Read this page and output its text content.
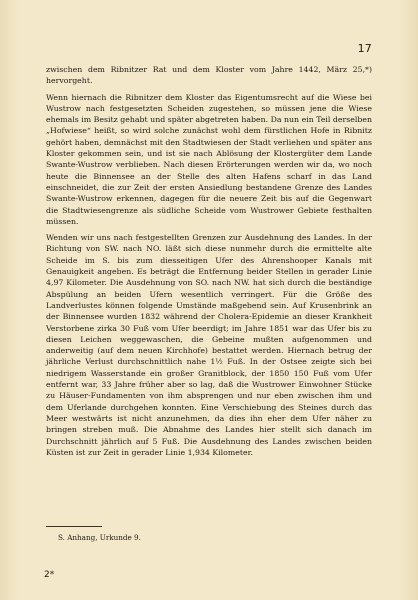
17

zwischen dem Ribnitzer Rat und dem Kloster vom Jahre 1442, März 25,*) hervorgeht.

Wenn hiernach die Ribnitzer dem Kloster das Eigentumsrecht auf die Wiese bei Wustrow nach festgesetzten Scheiden zugestehen, so müssen jene die Wiese ehemals im Besitz gehabt und später abgetreten haben. Da nun ein Teil derselben „Hofwiese“ heißt, so wird solche zunächst wohl dem fürstlichen Hofe in Ribnitz gehört haben, demnächst mit den Stadtwiesen der Stadt verliehen und später ans Kloster gekommen sein, und ist sie nach Ablösung der Klostergüter dem Lande Swante-Wustrow verblieben. Nach diesen Erörterungen werden wir da, wo noch heute die Binnensee an der Stelle des alten Hafens scharf in das Land einschneidet, die zur Zeit der ersten Ansiedlung bestandene Grenze des Landes Swante-Wustrow erkennen, dagegen für die neuere Zeit bis auf die Gegenwart die Stadtwiesengrenze als südliche Scheide vom Wustrower Gebiete festhalten müssen.

Wenden wir uns nach festgestellten Grenzen zur Ausdehnung des Landes. In der Richtung von SW. nach NO. läßt sich diese nunmehr durch die ermittelte alte Scheide im S. bis zum diesseitigen Ufer des Ahrenshooper Kanals mit Genauigkeit angeben. Es beträgt die Entfernung beider Stellen in gerader Linie 4,97 Kilometer. Die Ausdehnung von SO. nach NW. hat sich durch die beständige Abspülung an beiden Ufern wesentlich verringert. Für die Größe des Landverlustes können folgende Umstände maßgebend sein. Auf Krusenbrink an der Binnensee wurden 1832 während der Cholera-Epidemie an dieser Krankheit Verstorbene zirka 30 Fuß vom Ufer beerdigt; im Jahre 1851 war das Ufer bis zu diesen Leichen weggewaschen, die Gebeine mußten aufgenommen und anderweitig (auf dem neuen Kirchhofe) bestattet werden. Hiernach betrug der jährliche Verlust durchschnittlich nahe 1½ Fuß. In der Ostsee zeigte sich bei niedrigem Wasserstande ein großer Granitblock, der 1850 150 Fuß vom Ufer entfernt war, 33 Jahre früher aber so lag, daß die Wustrower Einwohner Stücke zu Häuser-Fundamenten von ihm absprengen und nur eben zwischen ihm und dem Uferlande durchgehen konnten. Eine Verschiebung des Steines durch das Meer westwärts ist nicht anzunehmen, da dies ihn eher dem Ufer näher zu bringen streben muß. Die Abnahme des Landes hier stellt sich danach im Durchschnitt jährlich auf 5 Fuß. Die Ausdehnung des Landes zwischen beiden Küsten ist zur Zeit in gerader Linie 1,934 Kilometer.

S. Anhang, Urkunde 9.
2*
